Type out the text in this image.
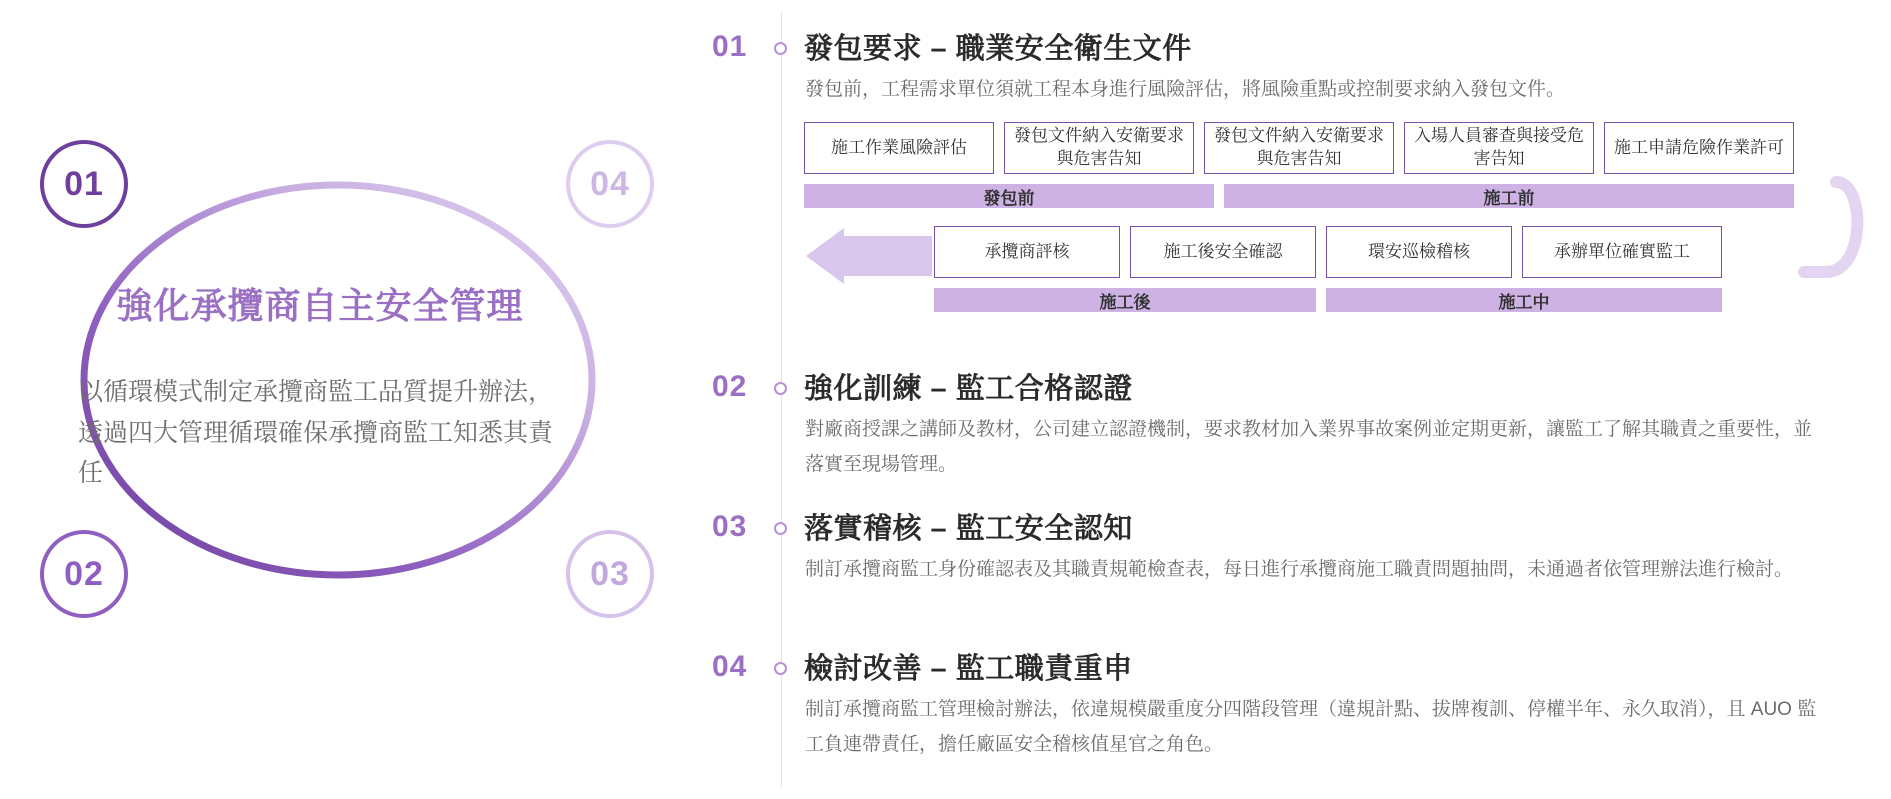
01
02	03
04
強化承攬商自主安全管理
以循環模式制定承攬商監工品質提升辦法，透過四大管理循環確保承攬商監工知悉其責任
01 發包要求 – 職業安全衛生文件
發包前，工程需求單位須就工程本身進行風險評估，將風險重點或控制要求納入發包文件。
施工作業風險評估
發包文件納入安衛要求與危害告知
發包文件納入安衛要求與危害告知
入場人員審查與接受危害告知
施工申請危險作業許可
發包前	施工前
承攬商評核	施工後安全確認	環安巡檢稽核	承辦單位確實監工
施工後	施工中
02 強化訓練 – 監工合格認證
對廠商授課之講師及教材，公司建立認證機制，要求教材加入業界事故案例並定期更新，讓監工了解其職責之重要性，並落實至現場管理。
03 落實稽核 – 監工安全認知
制訂承攬商監工身份確認表及其職責規範檢查表，每日進行承攬商施工職責問題抽問，未通過者依管理辦法進行檢討。
04 檢討改善 – 監工職責重申
制訂承攬商監工管理檢討辦法，依違規模嚴重度分四階段管理（違規計點、拔牌複訓、停權半年、永久取消），且 AUO 監工負連帶責任，擔任廠區安全稽核值星官之角色。
